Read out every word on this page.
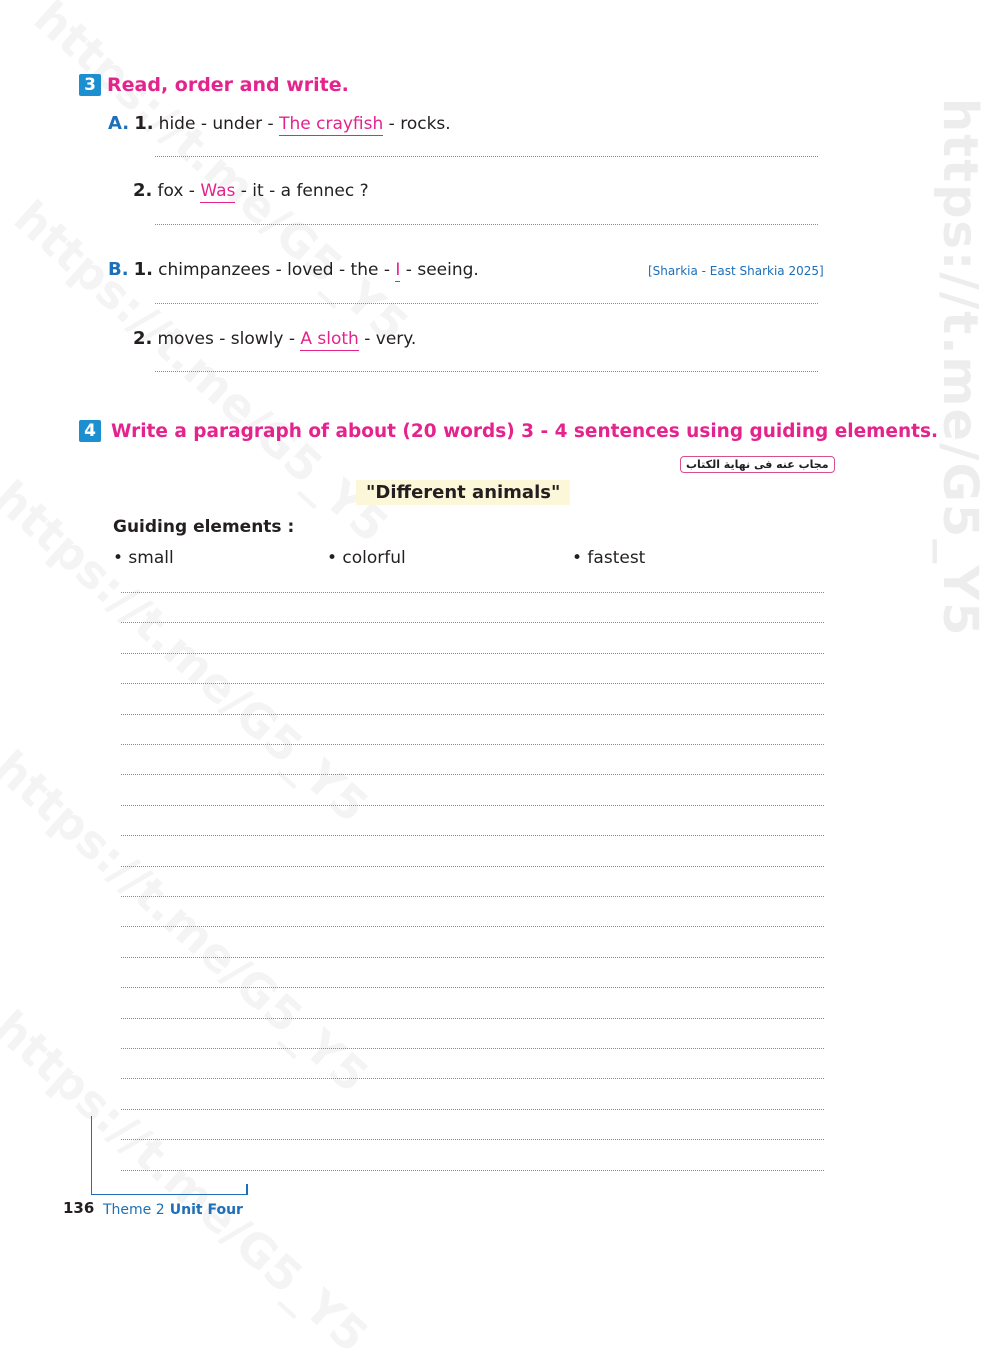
https://t.me/G5_Y5
3 Read, order and write.
A. 1. hide - under - The crayfish - rocks.
2. fox - Was - it - a fennec ?
B. 1. chimpanzees - loved - the - I - seeing.	[Sharkia - East Sharkia 2025]
2. moves - slowly - A sloth - very.
4 Write a paragraph of about (20 words) 3 - 4 sentences using guiding elements.
مجاب عنه فى نهاية الكتاب
"Different animals"
Guiding elements :
• small	• colorful	• fastest
136 Theme 2 Unit Four
